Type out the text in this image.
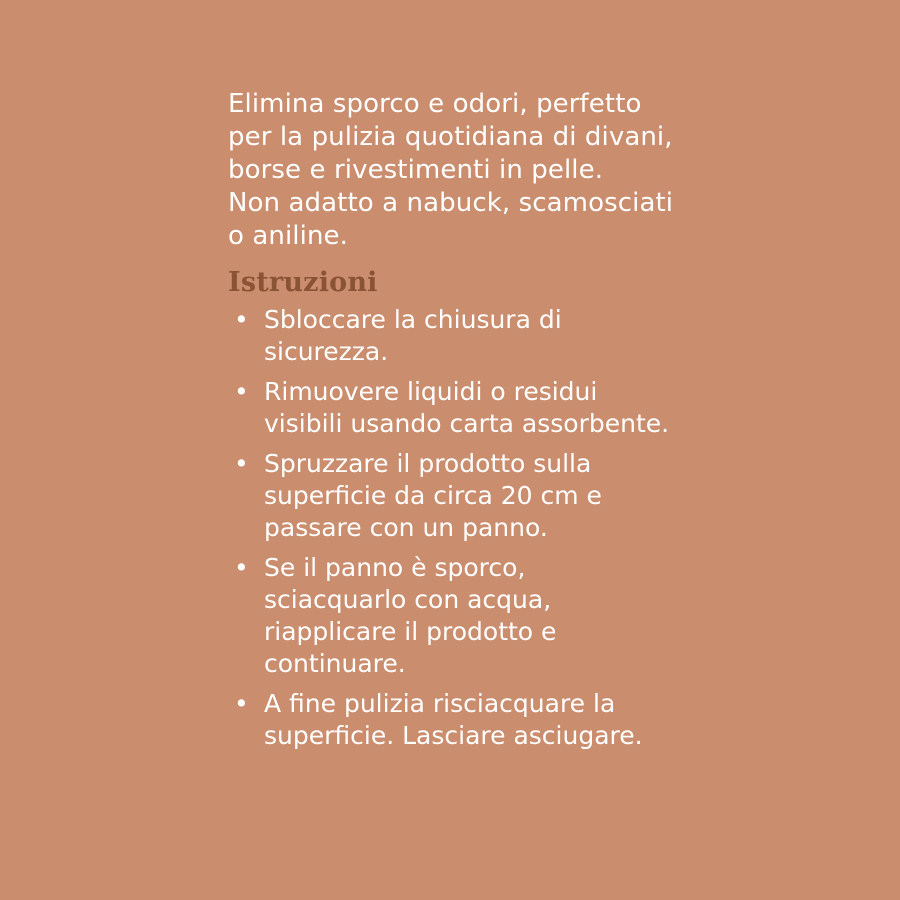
Elimina sporco e odori, perfetto
per la pulizia quotidiana di divani,
borse e rivestimenti in pelle.
Non adatto a nabuck, scamosciati
o aniline.

Istruzioni
• Sbloccare la chiusura di
sicurezza.
• Rimuovere liquidi o residui
visibili usando carta assorbente.
• Spruzzare il prodotto sulla
superficie da circa 20 cm e
passare con un panno.
• Se il panno è sporco,
sciacquarlo con acqua,
riapplicare il prodotto e
continuare.
• A fine pulizia risciacquare la
superficie. Lasciare asciugare.
